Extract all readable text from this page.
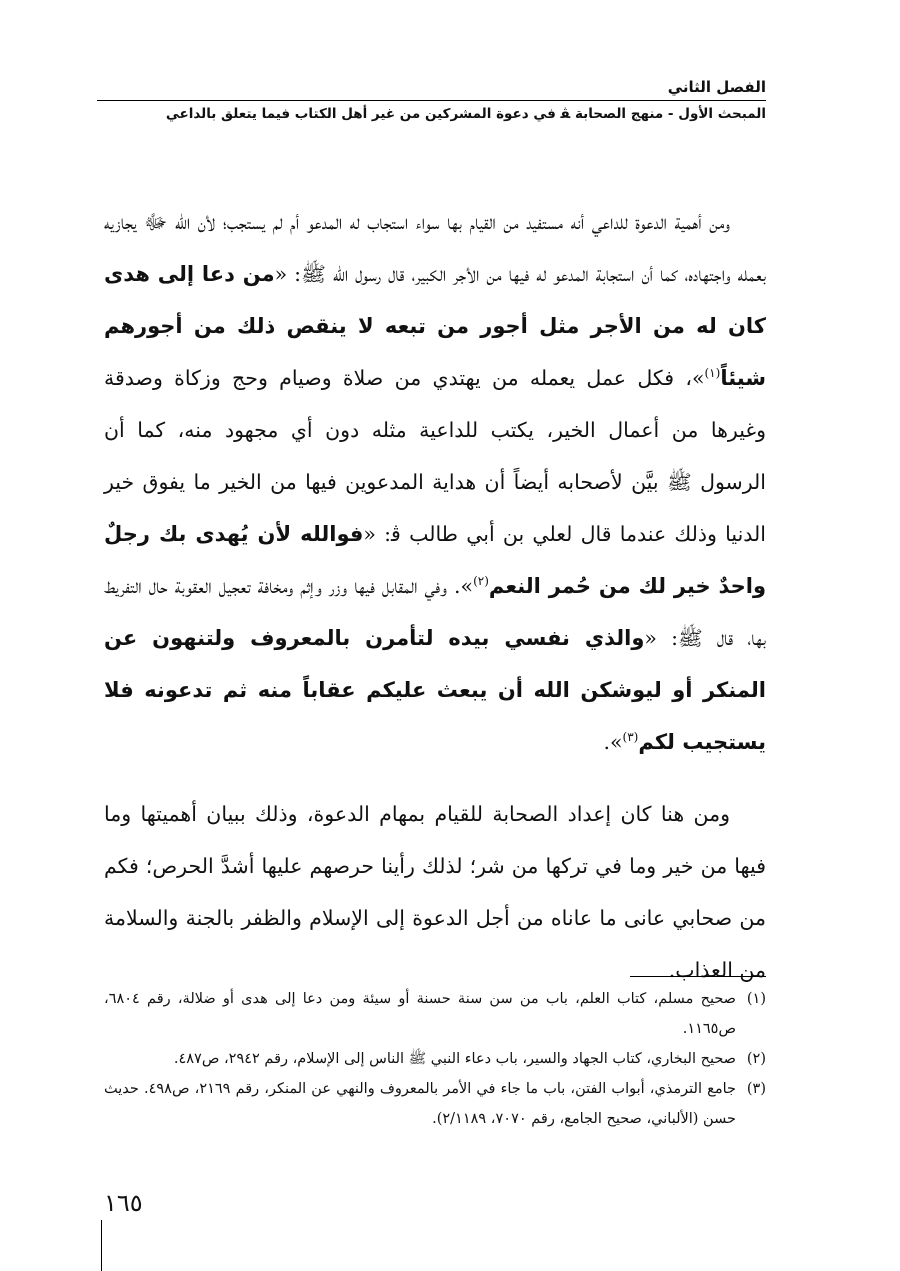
الفصل الثاني
المبحث الأول - منهج الصحابة ﭭ في دعوة المشركين من غير أهل الكتاب فيما يتعلق بالداعي

ومن أهمية الدعوة للداعي أنه مستفيد من القيام بها سواء استجاب له المدعو أم لم يستجب؛ لأن الله ﷻ يجازيه بعمله واجتهاده، كما أن استجابة المدعو له فيها من الأجر الكبير، قال رسول الله ﷺ: «من دعا إلى هدى كان له من الأجر مثل أجور من تبعه لا ينقص ذلك من أجورهم شيئاً$^{(١)}$»، فكل عمل يعمله من يهتدي من صلاة وصيام وحج وزكاة وصدقة وغيرها من أعمال الخير، يكتب للداعية مثله دون أي مجهود منه، كما أن الرسول ﷺ بيَّن لأصحابه أيضاً أن هداية المدعوين فيها من الخير ما يفوق خير الدنيا وذلك عندما قال لعلي بن أبي طالب ﭬ: «فوالله لأن يُهدى بك رجلٌ واحدٌ خير لك من حُمر النعم$^{(٢)}$». وفي المقابل فيها وزر وإثم ومخافة تعجيل العقوبة حال التفريط بها، قال ﷺ: «والذي نفسي بيده لتأمرن بالمعروف ولتنهون عن المنكر أو ليوشكن الله أن يبعث عليكم عقاباً منه ثم تدعونه فلا يستجيب لكم$^{(٣)}$».

ومن هنا كان إعداد الصحابة للقيام بمهام الدعوة، وذلك ببيان أهميتها وما فيها من خير وما في تركها من شر؛ لذلك رأينا حرصهم عليها أشدَّ الحرص؛ فكم من صحابي عانى ما عاناه من أجل الدعوة إلى الإسلام والظفر بالجنة والسلامة من العذاب.

(١)صحيح مسلم، كتاب العلم، باب من سن سنة حسنة أو سيئة ومن دعا إلى هدى أو ضلالة، رقم ٦٨٠٤، ص١١٦٥.

(٢)صحيح البخاري، كتاب الجهاد والسير، باب دعاء النبي ﷺ الناس إلى الإسلام، رقم ٢٩٤٢، ص٤٨٧.

(٣)جامع الترمذي، أبواب الفتن، باب ما جاء في الأمر بالمعروف والنهي عن المنكر، رقم ٢١٦٩، ص٤٩٨. حديث حسن (الألباني، صحيح الجامع، رقم ٧٠٧٠، ٢/١١٨٩).

١٦٥
